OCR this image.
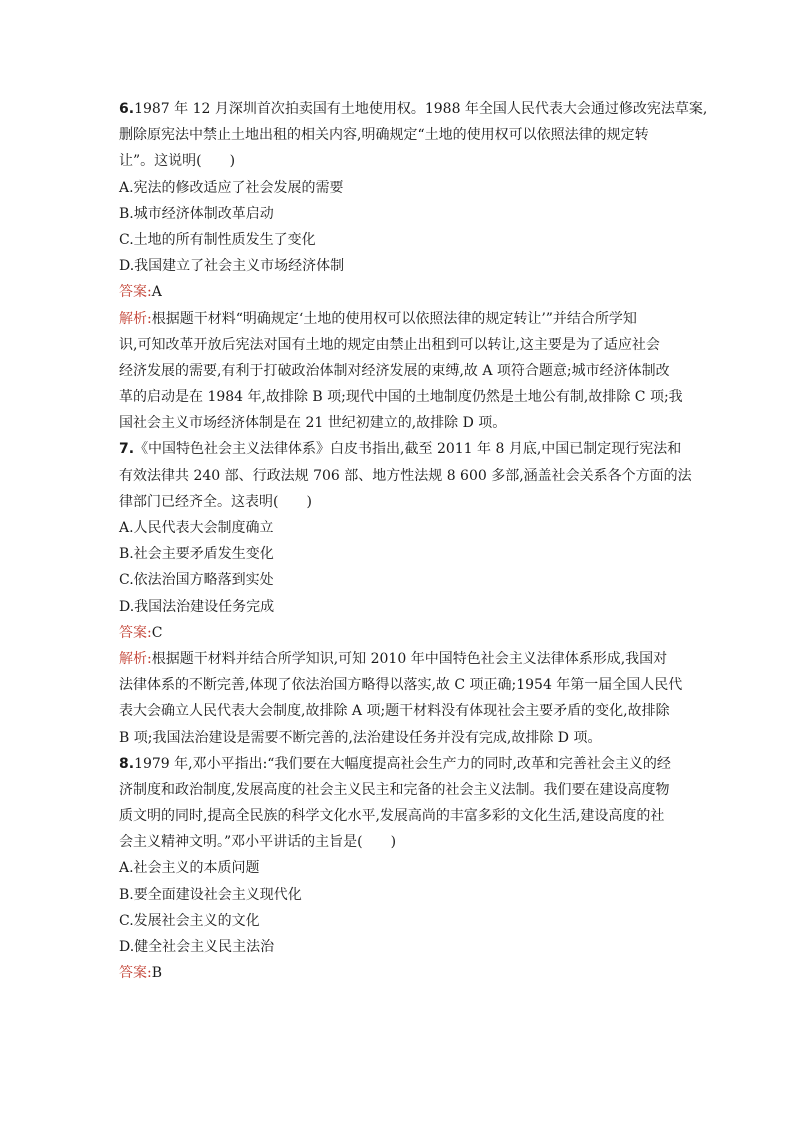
6.1987 年 12 月深圳首次拍卖国有土地使用权。1988 年全国人民代表大会通过修改宪法草案,
删除原宪法中禁止土地出租的相关内容,明确规定“土地的使用权可以依照法律的规定转
让”。这说明(　　)
A.宪法的修改适应了社会发展的需要
B.城市经济体制改革启动
C.土地的所有制性质发生了变化
D.我国建立了社会主义市场经济体制
答案:A
解析:根据题干材料“明确规定‘土地的使用权可以依照法律的规定转让’”并结合所学知
识,可知改革开放后宪法对国有土地的规定由禁止出租到可以转让,这主要是为了适应社会
经济发展的需要,有利于打破政治体制对经济发展的束缚,故 A 项符合题意;城市经济体制改
革的启动是在 1984 年,故排除 B 项;现代中国的土地制度仍然是土地公有制,故排除 C 项;我
国社会主义市场经济体制是在 21 世纪初建立的,故排除 D 项。
7.《中国特色社会主义法律体系》白皮书指出,截至 2011 年 8 月底,中国已制定现行宪法和
有效法律共 240 部、行政法规 706 部、地方性法规 8 600 多部,涵盖社会关系各个方面的法
律部门已经齐全。这表明(　　)
A.人民代表大会制度确立
B.社会主要矛盾发生变化
C.依法治国方略落到实处
D.我国法治建设任务完成
答案:C
解析:根据题干材料并结合所学知识,可知 2010 年中国特色社会主义法律体系形成,我国对
法律体系的不断完善,体现了依法治国方略得以落实,故 C 项正确;1954 年第一届全国人民代
表大会确立人民代表大会制度,故排除 A 项;题干材料没有体现社会主要矛盾的变化,故排除
B 项;我国法治建设是需要不断完善的,法治建设任务并没有完成,故排除 D 项。
8.1979 年,邓小平指出:“我们要在大幅度提高社会生产力的同时,改革和完善社会主义的经
济制度和政治制度,发展高度的社会主义民主和完备的社会主义法制。我们要在建设高度物
质文明的同时,提高全民族的科学文化水平,发展高尚的丰富多彩的文化生活,建设高度的社
会主义精神文明。”邓小平讲话的主旨是(　　)
A.社会主义的本质问题
B.要全面建设社会主义现代化
C.发展社会主义的文化
D.健全社会主义民主法治
答案:B
